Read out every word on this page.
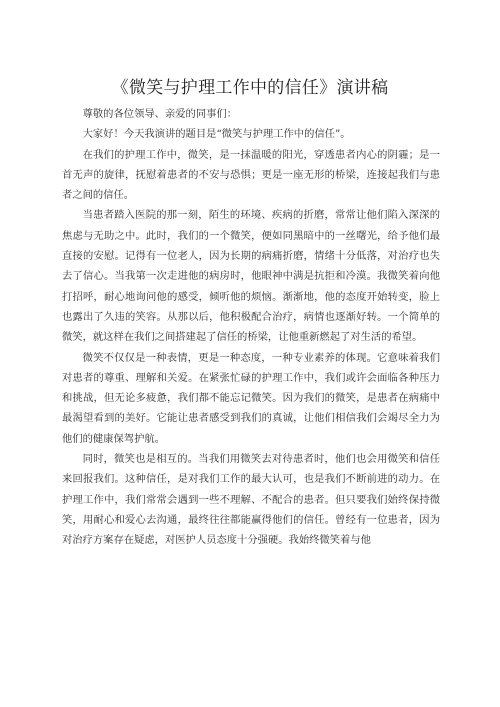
《微笑与护理工作中的信任》演讲稿

尊敬的各位领导、亲爱的同事们：

大家好！今天我演讲的题目是“微笑与护理工作中的信任”。

在我们的护理工作中，微笑，是一抹温暖的阳光，穿透患者内心的阴霾；是一首无声的旋律，抚慰着患者的不安与恐惧；更是一座无形的桥梁，连接起我们与患者之间的信任。

当患者踏入医院的那一刻，陌生的环境、疾病的折磨，常常让他们陷入深深的焦虑与无助之中。此时，我们的一个微笑，便如同黑暗中的一丝曙光，给予他们最直接的安慰。记得有一位老人，因为长期的病痛折磨，情绪十分低落，对治疗也失去了信心。当我第一次走进他的病房时，他眼神中满是抗拒和冷漠。我微笑着向他打招呼，耐心地询问他的感受，倾听他的烦恼。渐渐地，他的态度开始转变，脸上也露出了久违的笑容。从那以后，他积极配合治疗，病情也逐渐好转。一个简单的微笑，就这样在我们之间搭建起了信任的桥梁，让他重新燃起了对生活的希望。

微笑不仅仅是一种表情，更是一种态度，一种专业素养的体现。它意味着我们对患者的尊重、理解和关爱。在紧张忙碌的护理工作中，我们或许会面临各种压力和挑战，但无论多疲惫，我们都不能忘记微笑。因为我们的微笑，是患者在病痛中最渴望看到的美好。它能让患者感受到我们的真诚，让他们相信我们会竭尽全力为他们的健康保驾护航。

同时，微笑也是相互的。当我们用微笑去对待患者时，他们也会用微笑和信任来回报我们。这种信任，是对我们工作的最大认可，也是我们不断前进的动力。在护理工作中，我们常常会遇到一些不理解、不配合的患者。但只要我们始终保持微笑，用耐心和爱心去沟通，最终往往都能赢得他们的信任。曾经有一位患者，因为对治疗方案存在疑虑，对医护人员态度十分强硬。我始终微笑着与他
